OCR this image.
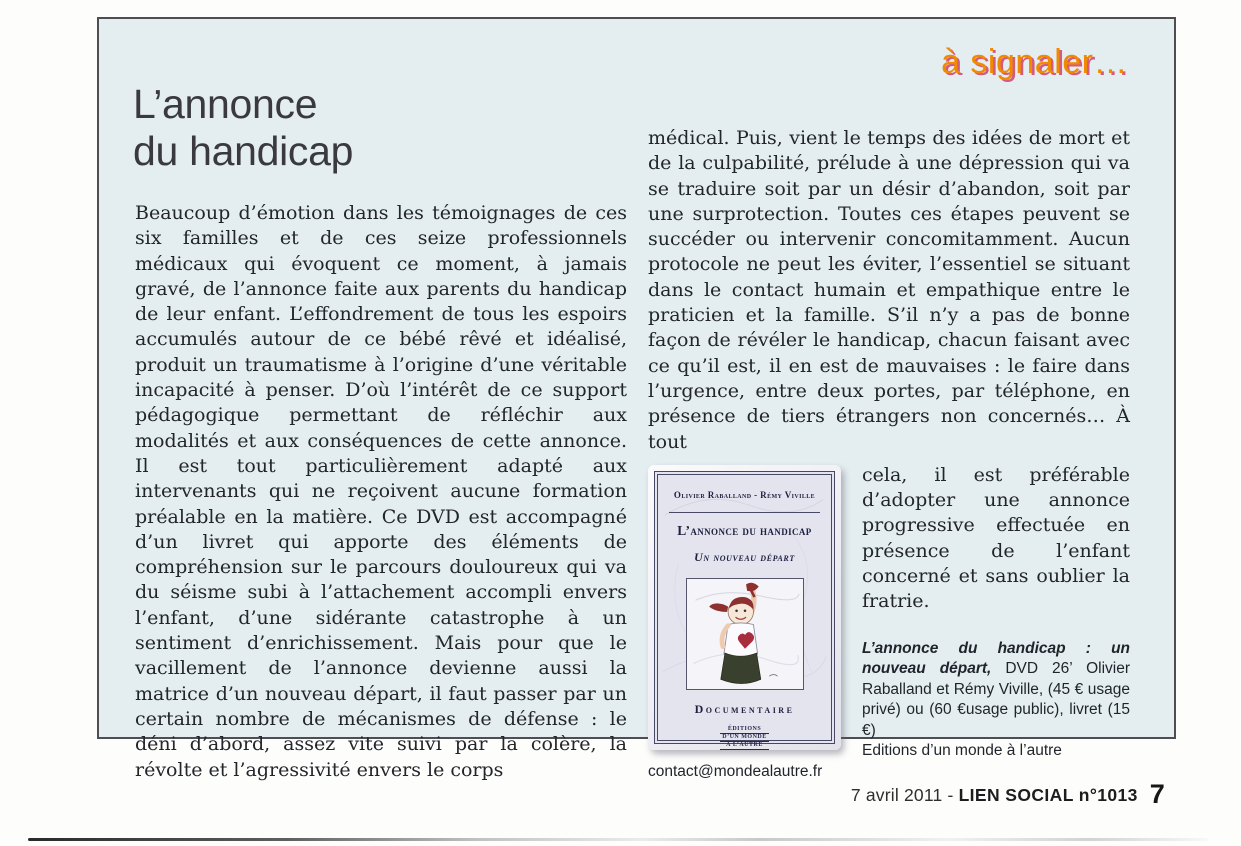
à signaler…
L’annonce
du handicap

Beaucoup d’émotion dans les témoignages de ces six familles et de ces seize professionnels médicaux qui évoquent ce moment, à jamais gravé, de l’annonce faite aux parents du handicap de leur enfant. L’effondrement de tous les espoirs accumulés autour de ce bébé rêvé et idéalisé, produit un traumatisme à l’origine d’une véritable incapacité à penser. D’où l’intérêt de ce support pédagogique permettant de réfléchir aux modalités et aux conséquences de cette annonce. Il est tout particulièrement adapté aux intervenants qui ne reçoivent aucune formation préalable en la matière. Ce DVD est accompagné d’un livret qui apporte des éléments de compréhension sur le parcours douloureux qui va du séisme subi à l’attachement accompli envers l’enfant, d’une sidérante catastrophe à un sentiment d’enrichissement. Mais pour que le vacillement de l’annonce devienne aussi la matrice d’un nouveau départ, il faut passer par un certain nombre de mécanismes de défense : le déni d’abord, assez vite suivi par la colère, la révolte et l’agressivité envers le corps

médical. Puis, vient le temps des idées de mort et de la culpabilité, prélude à une dépression qui va se traduire soit par un désir d’abandon, soit par une surprotection. Toutes ces étapes peuvent se succéder ou intervenir concomitamment. Aucun protocole ne peut les éviter, l’essentiel se situant dans le contact humain et empathique entre le praticien et la famille. S’il n’y a pas de bonne façon de révéler le handicap, chacun faisant avec ce qu’il est, il en est de mauvaises : le faire dans l’urgence, entre deux portes, par téléphone, en présence de tiers étrangers non concernés… À tout

Olivier Raballand - Rémy Viville
L’annonce du handicap
Un nouveau départ
Documentaire
ÉDITIONS
D’UN MONDE
À L’AUTRE

cela, il est préférable d’adopter une annonce progressive effectuée en présence de l’enfant concerné et sans oublier la fratrie.

L’annonce du handicap : un nouveau départ, DVD 26’ Olivier Raballand et Rémy Viville, (45 € usage privé) ou (60 €usage public), livret (15 €)
Editions d’un monde à l’autre
contact@mondealautre.fr
7 avril 2011 - LIEN SOCIAL n°1013 7
